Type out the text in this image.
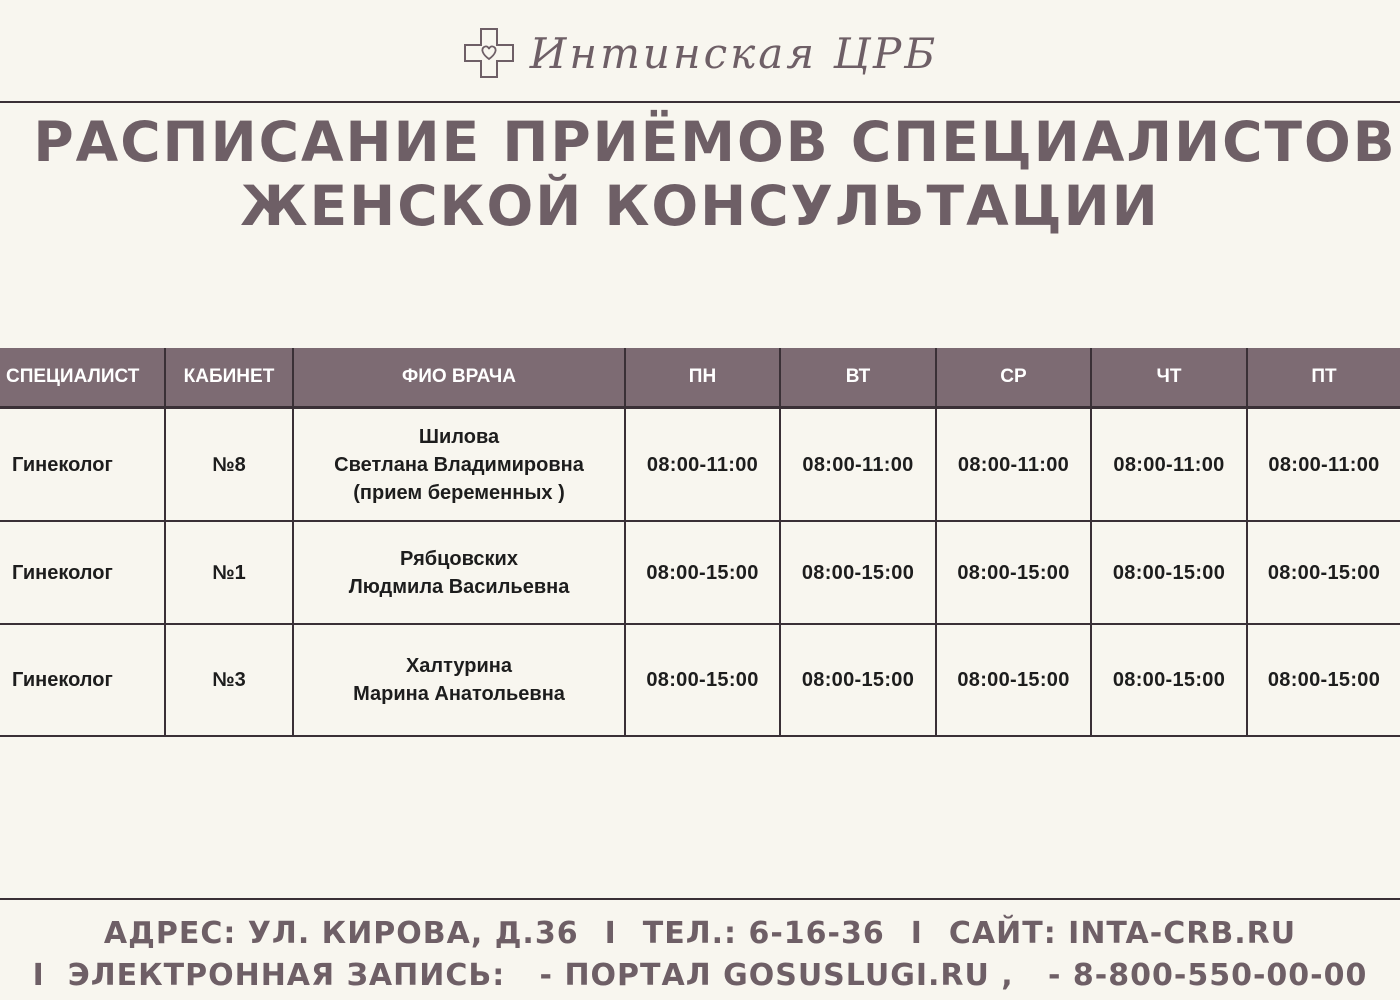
Интинская ЦРБ
РАСПИСАНИЕ ПРИЁМОВ СПЕЦИАЛИСТОВ
ЖЕНСКОЙ КОНСУЛЬТАЦИИ
СПЕЦИАЛИСТ	КАБИНЕТ	ФИО ВРАЧА	ПН	ВТ	СР	ЧТ	ПТ
Гинеколог	№8	Шилова
Светлана Владимировна
(прием беременных )	08:00-11:00	08:00-11:00	08:00-11:00	08:00-11:00	08:00-11:00
Гинеколог	№1	Рябцовских
Людмила Васильевна	08:00-15:00	08:00-15:00	08:00-15:00	08:00-15:00	08:00-15:00
Гинеколог	№3	Халтурина
Марина Анатольевна	08:00-15:00	08:00-15:00	08:00-15:00	08:00-15:00	08:00-15:00
АДРЕС: УЛ. КИРОВА, Д.36 I ТЕЛ.: 6-16-36 I САЙТ: INTA-CRB.RU
I ЭЛЕКТРОННАЯ ЗАПИСЬ: - ПОРТАЛ GOSUSLUGI.RU , - 8-800-550-00-00
